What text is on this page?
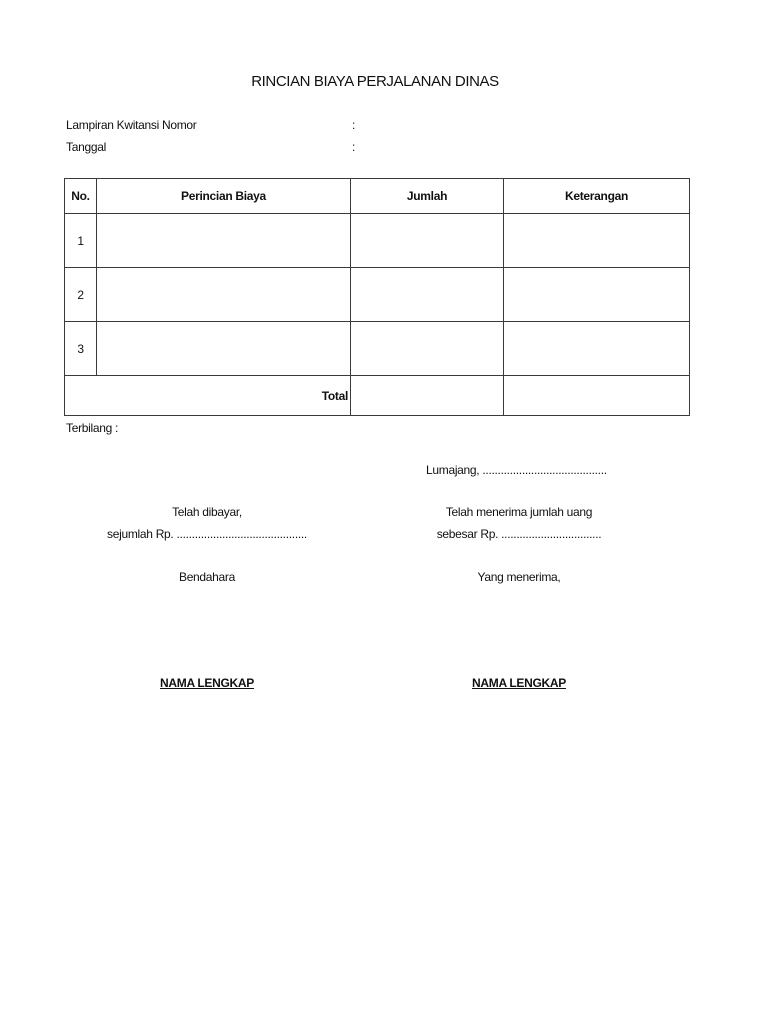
RINCIAN BIAYA PERJALANAN DINAS
Lampiran Kwitansi Nomor	:
Tanggal	:
No.	Perincian Biaya	Jumlah	Keterangan
1			
2			
3			
Total			
Terbilang :
Lumajang, .........................................
Telah dibayar,
sejumlah Rp. ...........................................
Telah menerima jumlah uang
sebesar Rp. .................................
Bendahara	Yang menerima,
NAMA LENGKAP	NAMA LENGKAP
